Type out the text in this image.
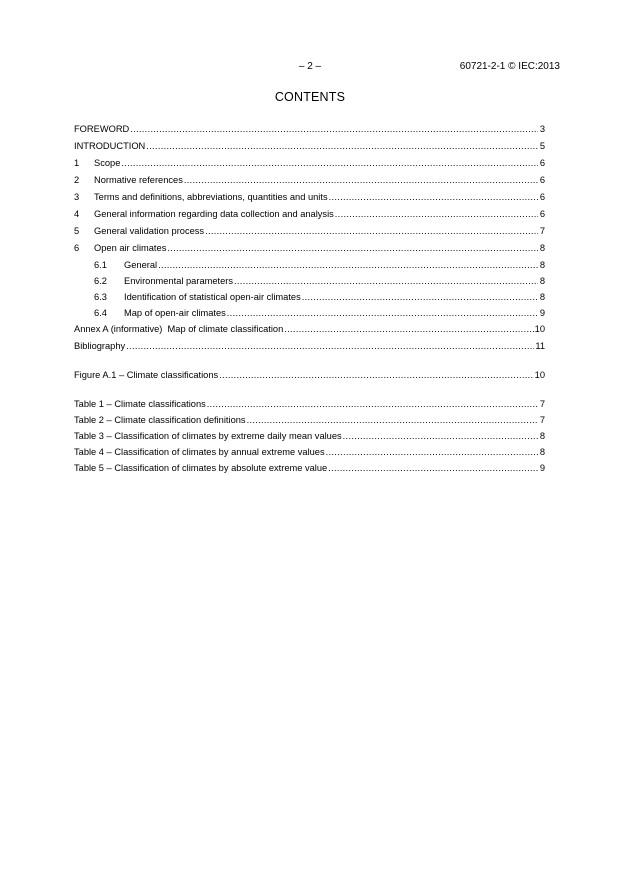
– 2 –	60721-2-1 © IEC:2013
CONTENTS
FOREWORD .....	3
INTRODUCTION .....	5
1	Scope .....	6
2	Normative references .....	6
3	Terms and definitions, abbreviations, quantities and units .....	6
4	General information regarding data collection and analysis .....	6
5	General validation process .....	7
6	Open air climates .....	8
6.1	General .....	8
6.2	Environmental parameters .....	8
6.3	Identification of statistical open-air climates .....	8
6.4	Map of open-air climates .....	9
Annex A (informative)  Map of climate classification .....	10
Bibliography .....	11
Figure A.1 – Climate classifications .....	10
Table 1 – Climate classifications .....	7
Table 2 – Climate classification definitions .....	7
Table 3 – Classification of climates by extreme daily mean values .....	8
Table 4 – Classification of climates by annual extreme values .....	8
Table 5 – Classification of climates by absolute extreme value .....	9
